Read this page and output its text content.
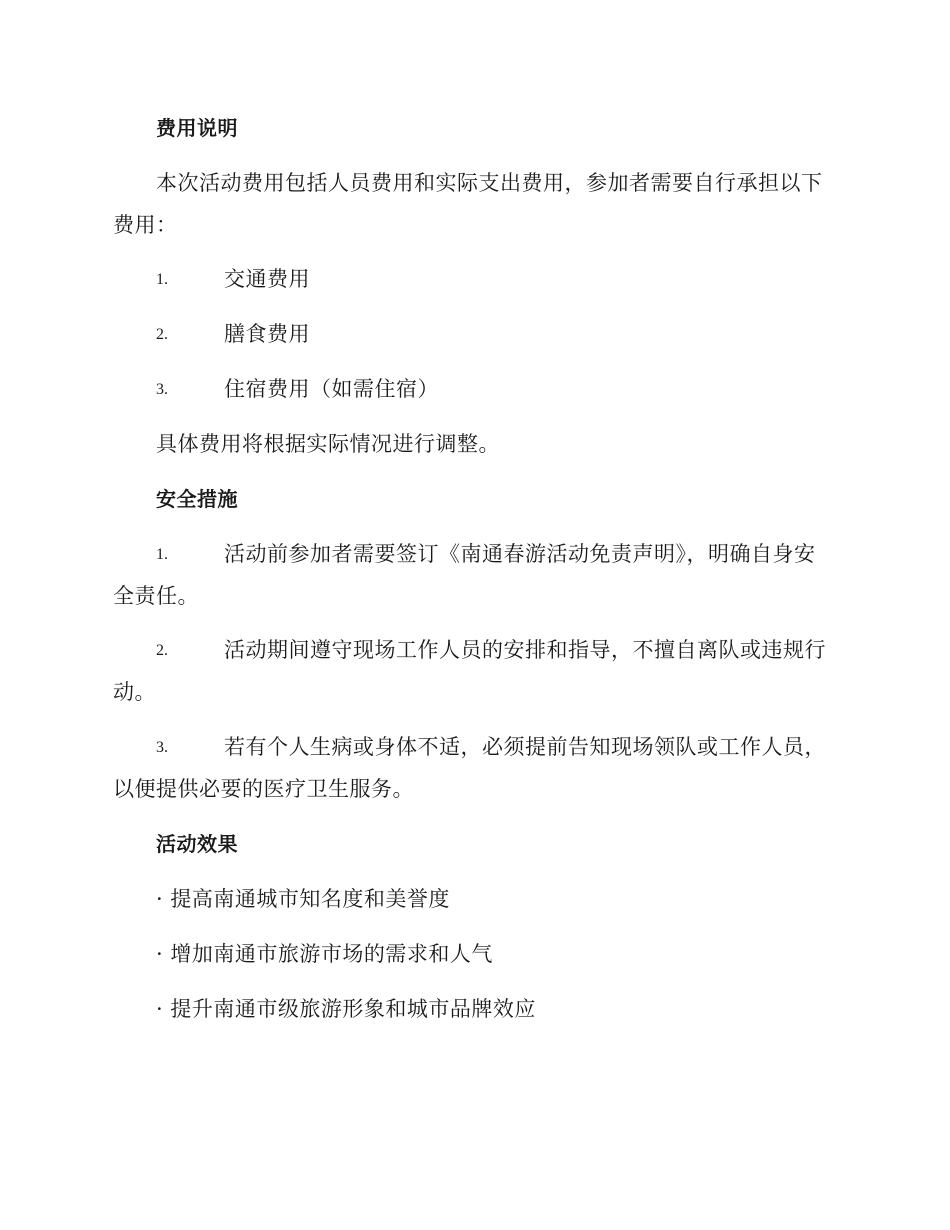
费用说明
本次活动费用包括人员费用和实际支出费用，参加者需要自行承担以下
费用：
1.	交通费用
2.	膳食费用
3.	住宿费用（如需住宿）
具体费用将根据实际情况进行调整。
安全措施
1.	活动前参加者需要签订《南通春游活动免责声明》，明确自身安
全责任。
2.	活动期间遵守现场工作人员的安排和指导，不擅自离队或违规行
动。
3.	若有个人生病或身体不适，必须提前告知现场领队或工作人员，
以便提供必要的医疗卫生服务。
活动效果
· 提高南通城市知名度和美誉度
· 增加南通市旅游市场的需求和人气
· 提升南通市级旅游形象和城市品牌效应
